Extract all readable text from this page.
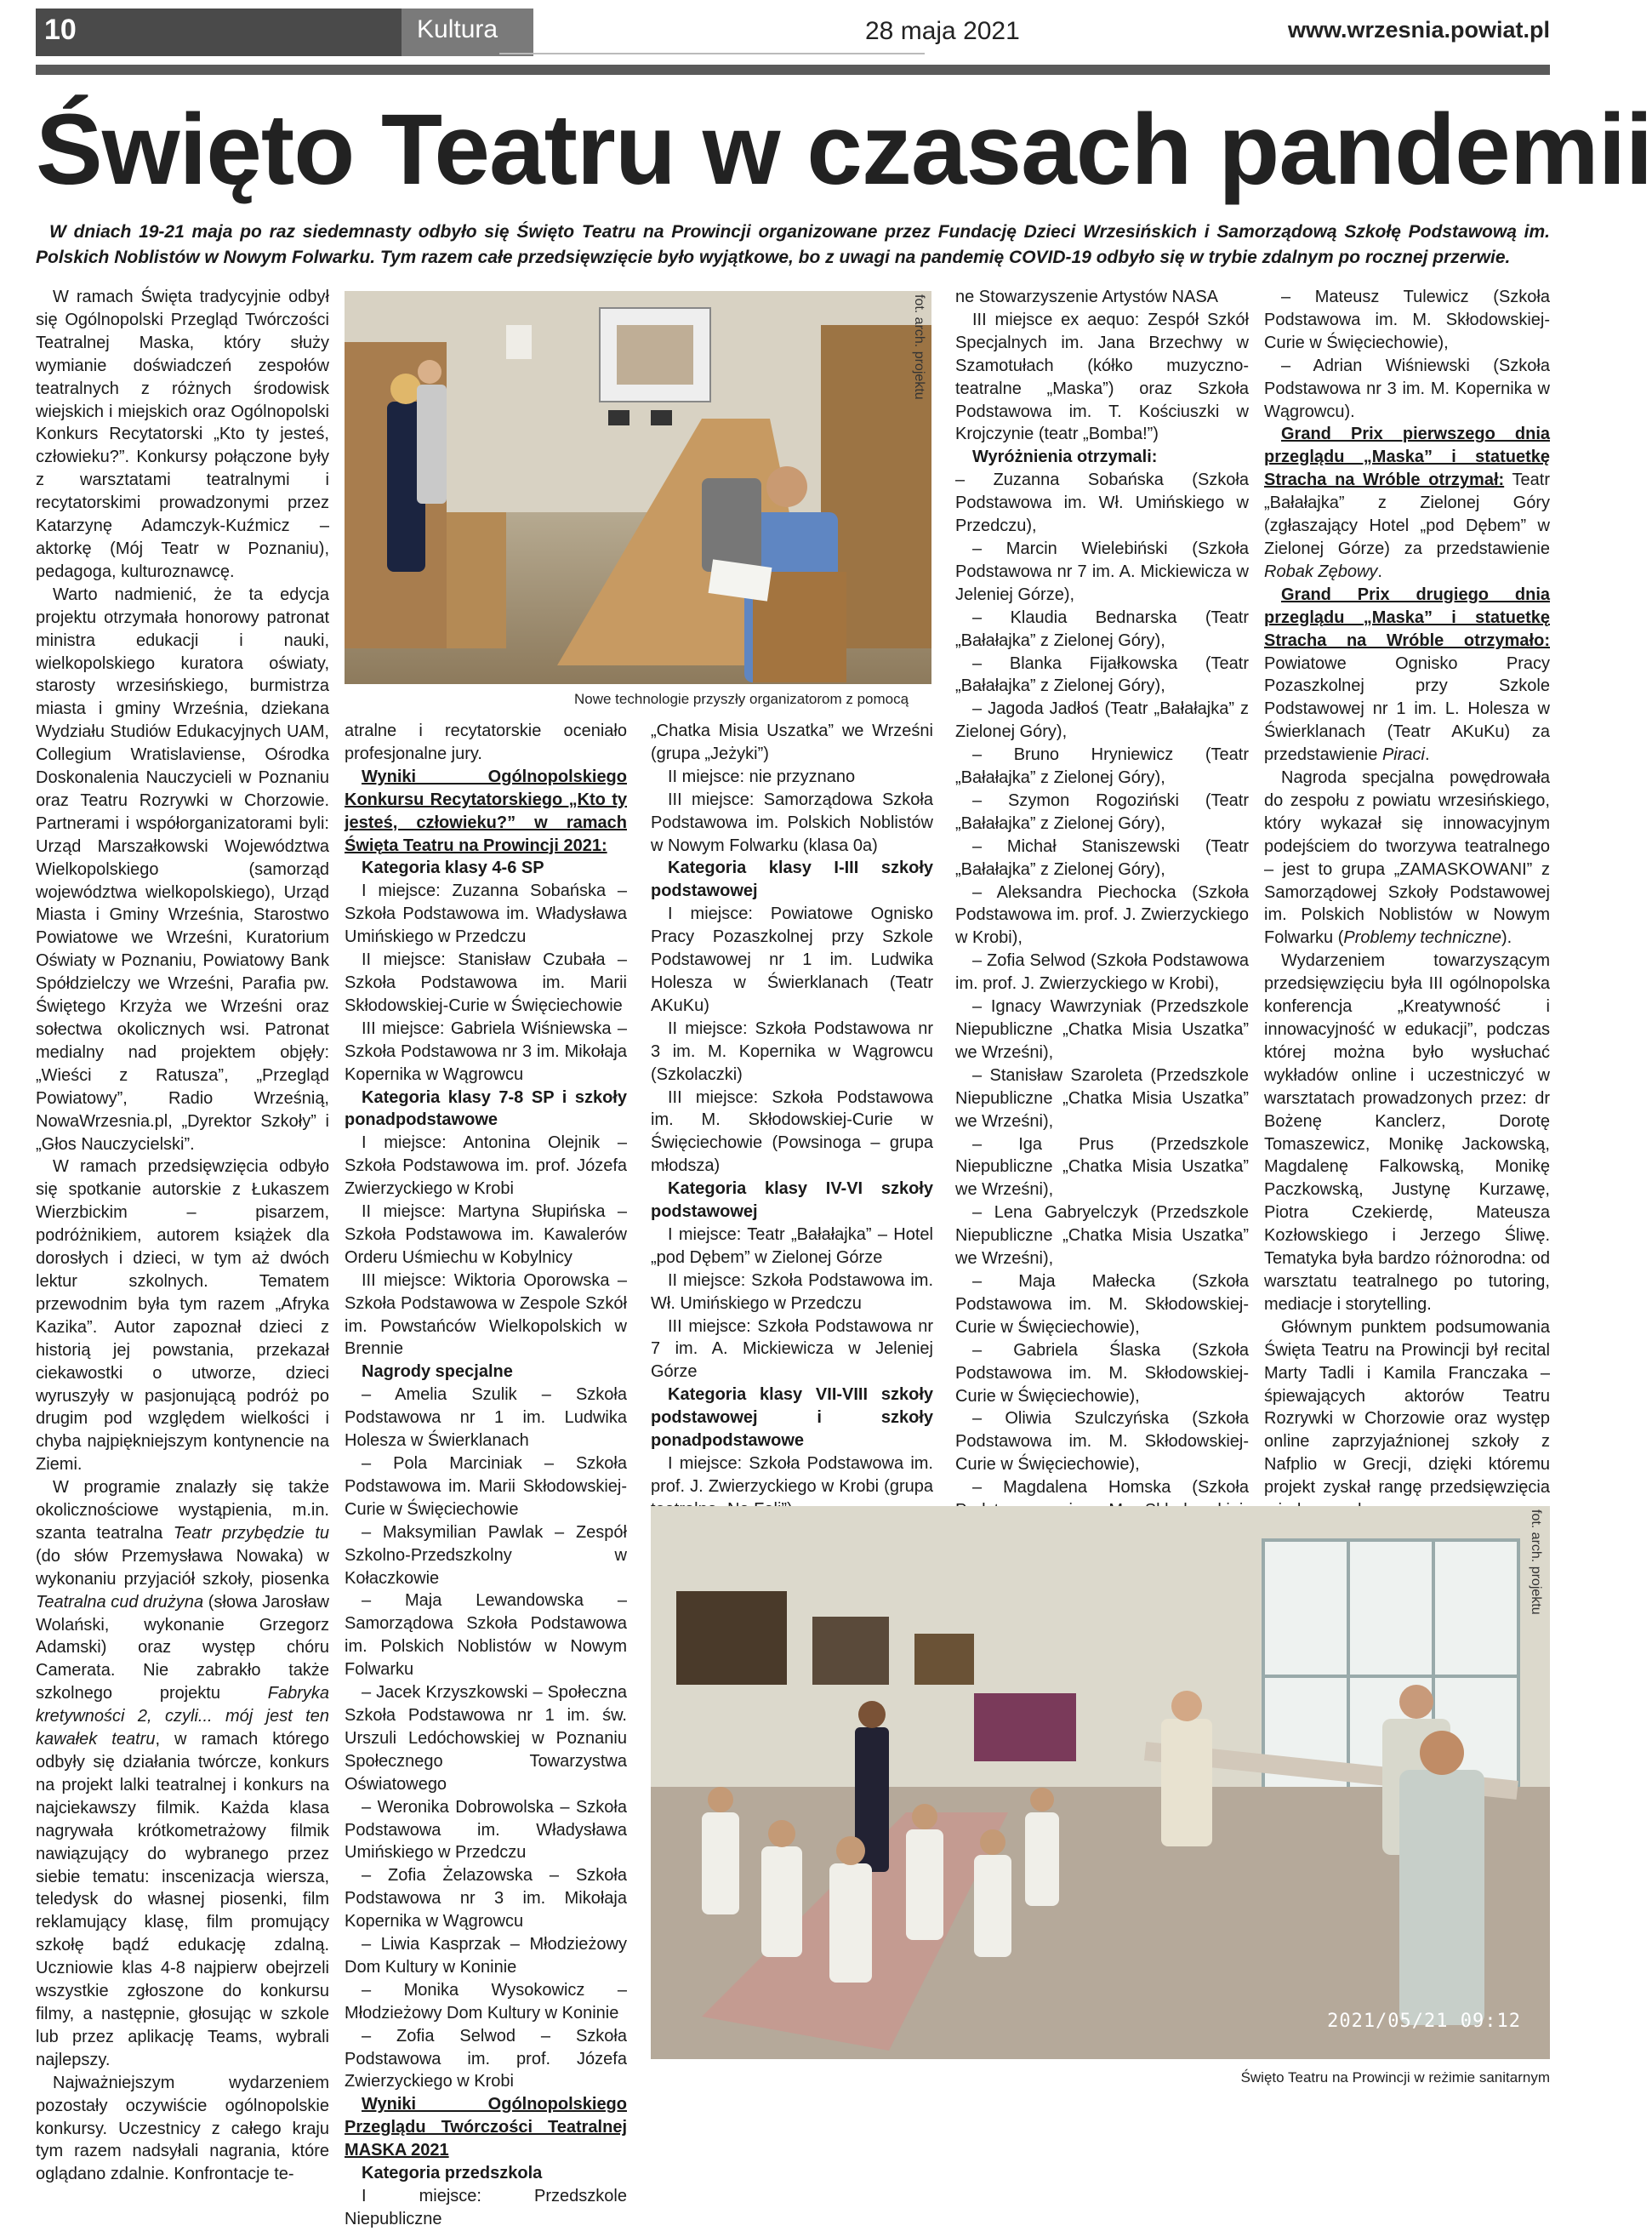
10	Kultura	28 maja 2021	www.wrzesnia.powiat.pl
Święto Teatru w czasach pandemii

W dniach 19-21 maja po raz siedemnasty odbyło się Święto Teatru na Prowincji organizowane przez Fundację Dzieci Wrzesińskich i Samorządową Szkołę Podstawową im. Polskich Noblistów w Nowym Folwarku. Tym razem całe przedsięwzięcie było wyjątkowe, bo z uwagi na pandemię COVID-19 odbyło się w trybie zdalnym po rocznej przerwie.

W ramach Święta tradycyjnie odbył się Ogólnopolski Przegląd Twórczości Teatralnej Maska, który służy wymianie doświadczeń zespołów teatralnych z różnych środowisk wiejskich i miejskich oraz Ogólnopolski Konkurs Recytatorski „Kto ty jesteś, człowieku?”. Konkursy połączone były z warsztatami teatralnymi i recytatorskimi prowadzonymi przez Katarzynę Adamczyk-Kuźmicz – aktorkę (Mój Teatr w Poznaniu), pedagoga, kulturoznawcę.

Warto nadmienić, że ta edycja projektu otrzymała honorowy patronat ministra edukacji i nauki, wielkopolskiego kuratora oświaty, starosty wrzesińskiego, burmistrza miasta i gminy Września, dziekana Wydziału Studiów Edukacyjnych UAM, Collegium Wratislaviense, Ośrodka Doskonalenia Nauczycieli w Poznaniu oraz Teatru Rozrywki w Chorzowie. Partnerami i współorganizatorami byli: Urząd Marszałkowski Województwa Wielkopolskiego (samorząd województwa wielkopolskiego), Urząd Miasta i Gminy Września, Starostwo Powiatowe we Wrześni, Kuratorium Oświaty w Poznaniu, Powiatowy Bank Spółdzielczy we Wrześni, Parafia pw. Świętego Krzyża we Wrześni oraz sołectwa okolicznych wsi. Patronat medialny nad projektem objęły: „Wieści z Ratusza”, „Przegląd Powiatowy”, Radio Wrześnią, NowaWrzesnia.pl, „Dyrektor Szkoły” i „Głos Nauczycielski”.

W ramach przedsięwzięcia odbyło się spotkanie autorskie z Łukaszem Wierzbickim – pisarzem, podróżnikiem, autorem książek dla dorosłych i dzieci, w tym aż dwóch lektur szkolnych. Tematem przewodnim była tym razem „Afryka Kazika”. Autor zapoznał dzieci z historią jej powstania, przekazał ciekawostki o utworze, dzieci wyruszyły w pasjonującą podróż po drugim pod względem wielkości i chyba najpiękniejszym kontynencie na Ziemi.

W programie znalazły się także okolicznościowe wystąpienia, m.in. szanta teatralna Teatr przybędzie tu (do słów Przemysława Nowaka) w wykonaniu przyjaciół szkoły, piosenka Teatralna cud drużyna (słowa Jarosław Wolański, wykonanie Grzegorz Adamski) oraz występ chóru Camerata. Nie zabrakło także szkolnego projektu Fabryka kretywności 2, czyli... mój jest ten kawałek teatru, w ramach którego odbyły się działania twórcze, konkurs na projekt lalki teatralnej i konkurs na najciekawszy filmik. Każda klasa nagrywała krótkometrażowy filmik nawiązujący do wybranego przez siebie tematu: inscenizacja wiersza, teledysk do własnej piosenki, film reklamujący klasę, film promujący szkołę bądź edukację zdalną. Uczniowie klas 4-8 najpierw obejrzeli wszystkie zgłoszone do konkursu filmy, a następnie, głosując w szkole lub przez aplikację Teams, wybrali najlepszy.

Najważniejszym wydarzeniem pozostały oczywiście ogólnopolskie konkursy. Uczestnicy z całego kraju tym razem nadsyłali nagrania, które oglądano zdalnie. Konfrontacje te-

fot. arch. projektu
Nowe technologie przyszły organizatorom z pomocą

atralne i recytatorskie oceniało profesjonalne jury.

Wyniki Ogólnopolskiego Konkursu Recytatorskiego „Kto ty jesteś, człowieku?” w ramach Święta Teatru na Prowincji 2021:

Kategoria klasy 4-6 SP

I miejsce: Zuzanna Sobańska – Szkoła Podstawowa im. Władysława Umińskiego w Przedczu

II miejsce: Stanisław Czubała – Szkoła Podstawowa im. Marii Skłodowskiej-Curie w Święciechowie

III miejsce: Gabriela Wiśniewska – Szkoła Podstawowa nr 3 im. Mikołaja Kopernika w Wągrowcu

Kategoria klasy 7-8 SP i szkoły ponadpodstawowe

I miejsce: Antonina Olejnik – Szkoła Podstawowa im. prof. Józefa Zwierzyckiego w Krobi

II miejsce: Martyna Słupińska – Szkoła Podstawowa im. Kawalerów Orderu Uśmiechu w Kobylnicy

III miejsce: Wiktoria Oporowska – Szkoła Podstawowa w Zespole Szkół im. Powstańców Wielkopolskich w Brennie

Nagrody specjalne

– Amelia Szulik – Szkoła Podstawowa nr 1 im. Ludwika Holesza w Świerklanach

– Pola Marciniak – Szkoła Podstawowa im. Marii Skłodowskiej-Curie w Święciechowie

– Maksymilian Pawlak – Zespół Szkolno-Przedszkolny w Kołaczkowie

– Maja Lewandowska – Samorządowa Szkoła Podstawowa im. Polskich Noblistów w Nowym Folwarku

– Jacek Krzyszkowski – Społeczna Szkoła Podstawowa nr 1 im. św. Urszuli Ledóchowskiej w Poznaniu Społecznego Towarzystwa Oświatowego

– Weronika Dobrowolska – Szkoła Podstawowa im. Władysława Umińskiego w Przedczu

– Zofia Żelazowska – Szkoła Podstawowa nr 3 im. Mikołaja Kopernika w Wągrowcu

– Liwia Kasprzak – Młodzieżowy Dom Kultury w Koninie

– Monika Wysokowicz – Młodzieżowy Dom Kultury w Koninie

– Zofia Selwod – Szkoła Podstawowa im. prof. Józefa Zwierzyckiego w Krobi

Wyniki Ogólnopolskiego Przeglądu Twórczości Teatralnej MASKA 2021

Kategoria przedszkola

I miejsce: Przedszkole Niepubliczne

„Chatka Misia Uszatka” we Wrześni (grupa „Jeżyki”)

II miejsce: nie przyznano

III miejsce: Samorządowa Szkoła Podstawowa im. Polskich Noblistów w Nowym Folwarku (klasa 0a)

Kategoria klasy I-III szkoły podstawowej

I miejsce: Powiatowe Ognisko Pracy Pozaszkolnej przy Szkole Podstawowej nr 1 im. Ludwika Holesza w Świerklanach (Teatr AKuKu)

II miejsce: Szkoła Podstawowa nr 3 im. M. Kopernika w Wągrowcu (Szkolaczki)

III miejsce: Szkoła Podstawowa im. M. Skłodowskiej-Curie w Święciechowie (Powsinoga – grupa młodsza)

Kategoria klasy IV-VI szkoły podstawowej

I miejsce: Teatr „Bałałajka” – Hotel „pod Dębem” w Zielonej Górze

II miejsce: Szkoła Podstawowa im. Wł. Umińskiego w Przedczu

III miejsce: Szkoła Podstawowa nr 7 im. A. Mickiewicza w Jeleniej Górze

Kategoria klasy VII-VIII szkoły podstawowej i szkoły ponadpodstawowe

I miejsce: Szkoła Podstawowa im. prof. J. Zwierzyckiego w Krobi (grupa

ne Stowarzyszenie Artystów NASA

III miejsce ex aequo: Zespół Szkół Specjalnych im. Jana Brzechwy w Szamotułach (kółko muzyczno-teatralne „Maska”) oraz Szkoła Podstawowa im. T. Kościuszki w Krojczynie (teatr „Bomba!”)

Wyróżnienia otrzymali:

– Zuzanna Sobańska (Szkoła Podstawowa im. Wł. Umińskiego w Przedczu),

– Marcin Wielebiński (Szkoła Podstawowa nr 7 im. A. Mickiewicza w Jeleniej Górze),

– Klaudia Bednarska (Teatr „Bałałajka” z Zielonej Góry),

– Blanka Fijałkowska (Teatr „Bałałajka” z Zielonej Góry),

– Jagoda Jadłoś (Teatr „Bałałajka” z Zielonej Góry),

– Bruno Hryniewicz (Teatr „Bałałajka” z Zielonej Góry),

– Szymon Rogoziński (Teatr „Bałałajka” z Zielonej Góry),

– Michał Staniszewski (Teatr „Bałałajka” z Zielonej Góry),

– Aleksandra Piechocka (Szkoła Podstawowa im. prof. J. Zwierzyckiego w Krobi),

– Zofia Selwod (Szkoła Podstawowa im. prof. J. Zwierzyckiego w Krobi),

– Ignacy Wawrzyniak (Przedszkole Niepubliczne „Chatka Misia Uszatka” we Wrześni),

– Stanisław Szaroleta (Przedszkole Niepubliczne „Chatka Misia Uszatka” we Wrześni),

– Iga Prus (Przedszkole Niepubliczne „Chatka Misia Uszatka” we Wrześni),

– Lena Gabryelczyk (Przedszkole Niepubliczne „Chatka Misia Uszatka” we Wrześni),

– Maja Małecka (Szkoła Podstawowa im. M. Skłodowskiej-Curie w Święciechowie),

– Gabriela Ślaska (Szkoła Podstawowa im. M. Skłodowskiej-Curie w Święciechowie),

– Oliwia Szulczyńska (Szkoła Podstawowa im. M. Skłodowskiej-Curie w Święciechowie),

– Magdalena Homska (Szkoła

– Mateusz Tulewicz (Szkoła Podstawowa im. M. Skłodowskiej-Curie w Święciechowie),

– Adrian Wiśniewski (Szkoła Podstawowa nr 3 im. M. Kopernika w Wągrowcu).

Grand Prix pierwszego dnia przeglądu „Maska” i statuetkę Stracha na Wróble otrzymał: Teatr „Bałałajka” z Zielonej Góry (zgłaszający Hotel „pod Dębem” w Zielonej Górze) za przedstawienie Robak Zębowy.

Grand Prix drugiego dnia przeglądu „Maska” i statuetkę Stracha na Wróble otrzymało: Powiatowe Ognisko Pracy Pozaszkolnej przy Szkole Podstawowej nr 1 im. L. Holesza w Świerklanach (Teatr AKuKu) za przedstawienie Piraci.

Nagroda specjalna powędrowała do zespołu z powiatu wrzesińskiego, który wykazał się innowacyjnym podejściem do tworzywa teatralnego – jest to grupa „ZAMASKOWANI” z Samorządowej Szkoły Podstawowej im. Polskich Noblistów w Nowym Folwarku (Problemy techniczne).

Wydarzeniem towarzyszącym przedsięwzięciu była III ogólnopolska konferencja „Kreatywność i innowacyjność w edukacji”, podczas której można było wysłuchać wykładów online i uczestniczyć w warsztatach prowadzonych przez: dr Bożenę Kanclerz, Dorotę Tomaszewicz, Monikę Jackowską, Magdalenę Falkowską, Monikę Paczkowską, Justynę Kurzawę, Piotra Czekierdę, Mateusza Kozłowskiego i Jerzego Śliwę. Tematyka była bardzo różnorodna: od warsztatu teatralnego po tutoring, mediacje i storytelling.

Głównym punktem podsumowania Święta Teatru na Prowincji był recital Marty Tadli i Kamila Franczaka – śpiewających aktorów Teatru Rozrywki w Chorzowie oraz występ online zaprzyjaźnionej szkoły z Nafplio w Grecji, dzięki któremu projekt zyskał rangę przedsięwzięcia

fot. arch. projektu
2021/05/21 09:12
Święto Teatru na Prowincji w reżimie sanitarnym
